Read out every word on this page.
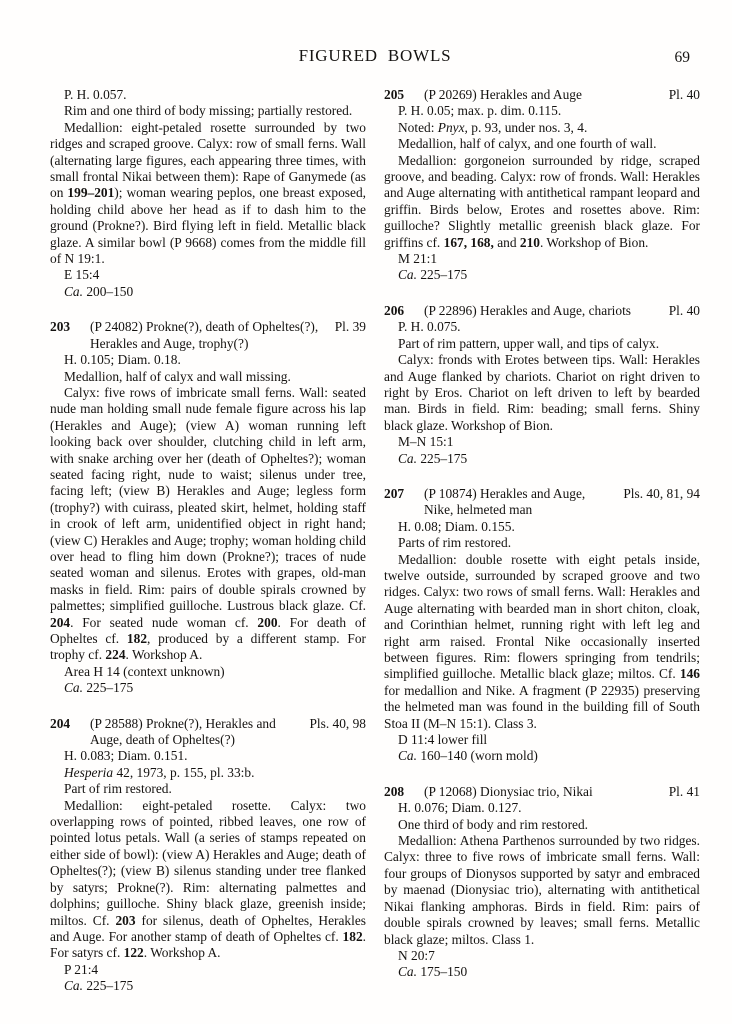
FIGURED BOWLS	69

P. H. 0.057.

Rim and one third of body missing; partially restored.

Medallion: eight-petaled rosette surrounded by two ridges and scraped groove. Calyx: row of small ferns. Wall (alternating large figures, each appearing three times, with small frontal Nikai between them): Rape of Ganymede (as on 199–201); woman wearing peplos, one breast exposed, holding child above her head as if to dash him to the ground (Prokne?). Bird flying left in field. Metallic black glaze. A similar bowl (P 9668) comes from the middle fill of N 19:1.

E 15:4

Ca. 200–150

203	(P 24082) Prokne(?), death of Opheltes(?),	Pl. 39
Herakles and Auge, trophy(?)

H. 0.105; Diam. 0.18.

Medallion, half of calyx and wall missing.

Calyx: five rows of imbricate small ferns. Wall: seated nude man holding small nude female figure across his lap (Herakles and Auge); (view A) woman running left looking back over shoulder, clutching child in left arm, with snake arching over her (death of Opheltes?); woman seated facing right, nude to waist; silenus under tree, facing left; (view B) Herakles and Auge; legless form (trophy?) with cuirass, pleated skirt, helmet, holding staff in crook of left arm, unidentified object in right hand; (view C) Herakles and Auge; trophy; woman holding child over head to fling him down (Prokne?); traces of nude seated woman and silenus. Erotes with grapes, old-man masks in field. Rim: pairs of double spirals crowned by palmettes; simplified guilloche. Lustrous black glaze. Cf. 204. For seated nude woman cf. 200. For death of Opheltes cf. 182, produced by a different stamp. For trophy cf. 224. Workshop A.

Area H 14 (context unknown)

Ca. 225–175

204	(P 28588) Prokne(?), Herakles and	Pls. 40, 98
Auge, death of Opheltes(?)

H. 0.083; Diam. 0.151.

Hesperia 42, 1973, p. 155, pl. 33:b.

Part of rim restored.

Medallion: eight-petaled rosette. Calyx: two overlapping rows of pointed, ribbed leaves, one row of pointed lotus petals. Wall (a series of stamps repeated on either side of bowl): (view A) Herakles and Auge; death of Opheltes(?); (view B) silenus standing under tree flanked by satyrs; Prokne(?). Rim: alternating palmettes and dolphins; guilloche. Shiny black glaze, greenish inside; miltos. Cf. 203 for silenus, death of Opheltes, Herakles and Auge. For another stamp of death of Opheltes cf. 182. For satyrs cf. 122. Workshop A.

P 21:4

Ca. 225–175

205	(P 20269) Herakles and Auge	Pl. 40

P. H. 0.05; max. p. dim. 0.115.

Noted: Pnyx, p. 93, under nos. 3, 4.

Medallion, half of calyx, and one fourth of wall.

Medallion: gorgoneion surrounded by ridge, scraped groove, and beading. Calyx: row of fronds. Wall: Herakles and Auge alternating with antithetical rampant leopard and griffin. Birds below, Erotes and rosettes above. Rim: guilloche? Slightly metallic greenish black glaze. For griffins cf. 167, 168, and 210. Workshop of Bion.

M 21:1

Ca. 225–175

206	(P 22896) Herakles and Auge, chariots	Pl. 40

P. H. 0.075.

Part of rim pattern, upper wall, and tips of calyx.

Calyx: fronds with Erotes between tips. Wall: Herakles and Auge flanked by chariots. Chariot on right driven to right by Eros. Chariot on left driven to left by bearded man. Birds in field. Rim: beading; small ferns. Shiny black glaze. Workshop of Bion.

M–N 15:1

Ca. 225–175

207	(P 10874) Herakles and Auge,	Pls. 40, 81, 94
Nike, helmeted man

H. 0.08; Diam. 0.155.

Parts of rim restored.

Medallion: double rosette with eight petals inside, twelve outside, surrounded by scraped groove and two ridges. Calyx: two rows of small ferns. Wall: Herakles and Auge alternating with bearded man in short chiton, cloak, and Corinthian helmet, running right with left leg and right arm raised. Frontal Nike occasionally inserted between figures. Rim: flowers springing from tendrils; simplified guilloche. Metallic black glaze; miltos. Cf. 146 for medallion and Nike. A fragment (P 22935) preserving the helmeted man was found in the building fill of South Stoa II (M–N 15:1). Class 3.

D 11:4 lower fill

Ca. 160–140 (worn mold)

208	(P 12068) Dionysiac trio, Nikai	Pl. 41

H. 0.076; Diam. 0.127.

One third of body and rim restored.

Medallion: Athena Parthenos surrounded by two ridges. Calyx: three to five rows of imbricate small ferns. Wall: four groups of Dionysos supported by satyr and embraced by maenad (Dionysiac trio), alternating with antithetical Nikai flanking amphoras. Birds in field. Rim: pairs of double spirals crowned by leaves; small ferns. Metallic black glaze; miltos. Class 1.

N 20:7

Ca. 175–150
